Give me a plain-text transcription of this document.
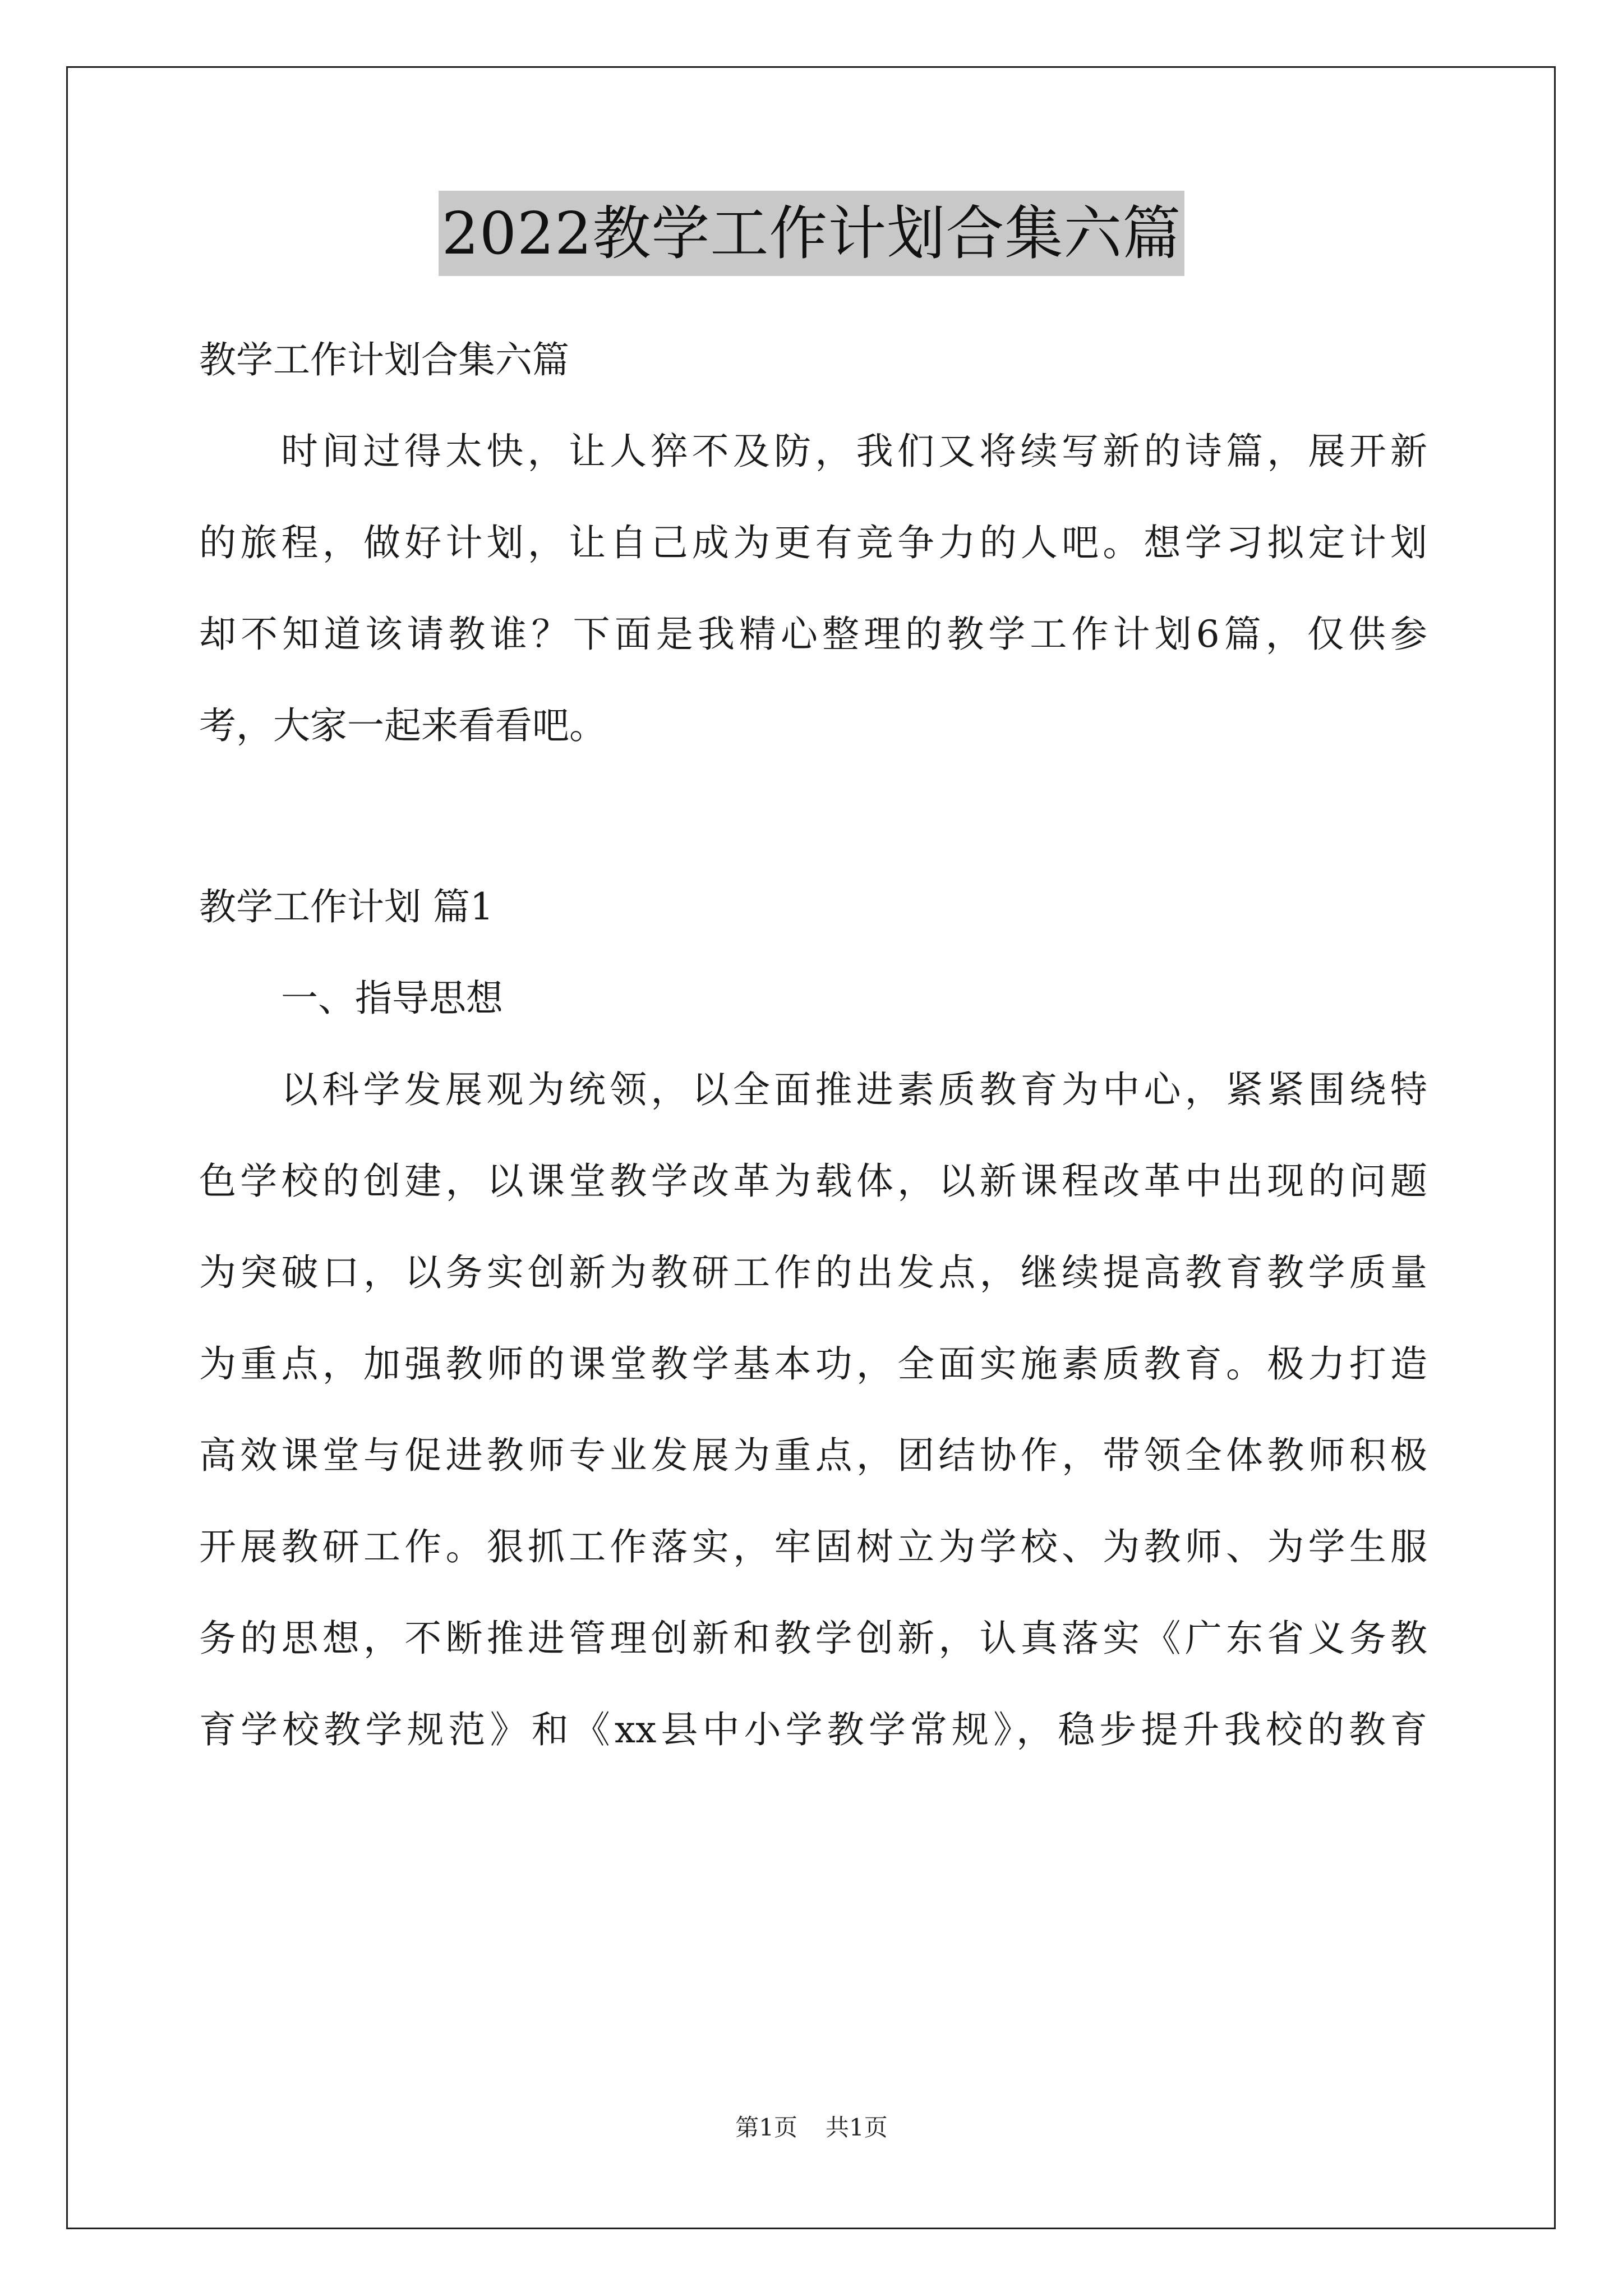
2022教学工作计划合集六篇
教学工作计划合集六篇
时间过得太快，让人猝不及防，我们又将续写新的诗篇，展开新
的旅程，做好计划，让自己成为更有竞争力的人吧。想学习拟定计划
却不知道该请教谁？下面是我精心整理的教学工作计划6篇，仅供参
考，大家一起来看看吧。
教学工作计划 篇1
一、指导思想
以科学发展观为统领，以全面推进素质教育为中心，紧紧围绕特
色学校的创建，以课堂教学改革为载体，以新课程改革中出现的问题
为突破口，以务实创新为教研工作的出发点，继续提高教育教学质量
为重点，加强教师的课堂教学基本功，全面实施素质教育。极力打造
高效课堂与促进教师专业发展为重点，团结协作，带领全体教师积极
开展教研工作。狠抓工作落实，牢固树立为学校、为教师、为学生服
务的思想，不断推进管理创新和教学创新，认真落实《广东省义务教
育学校教学规范》和《xx县中小学教学常规》，稳步提升我校的教育
第1页 共1页
